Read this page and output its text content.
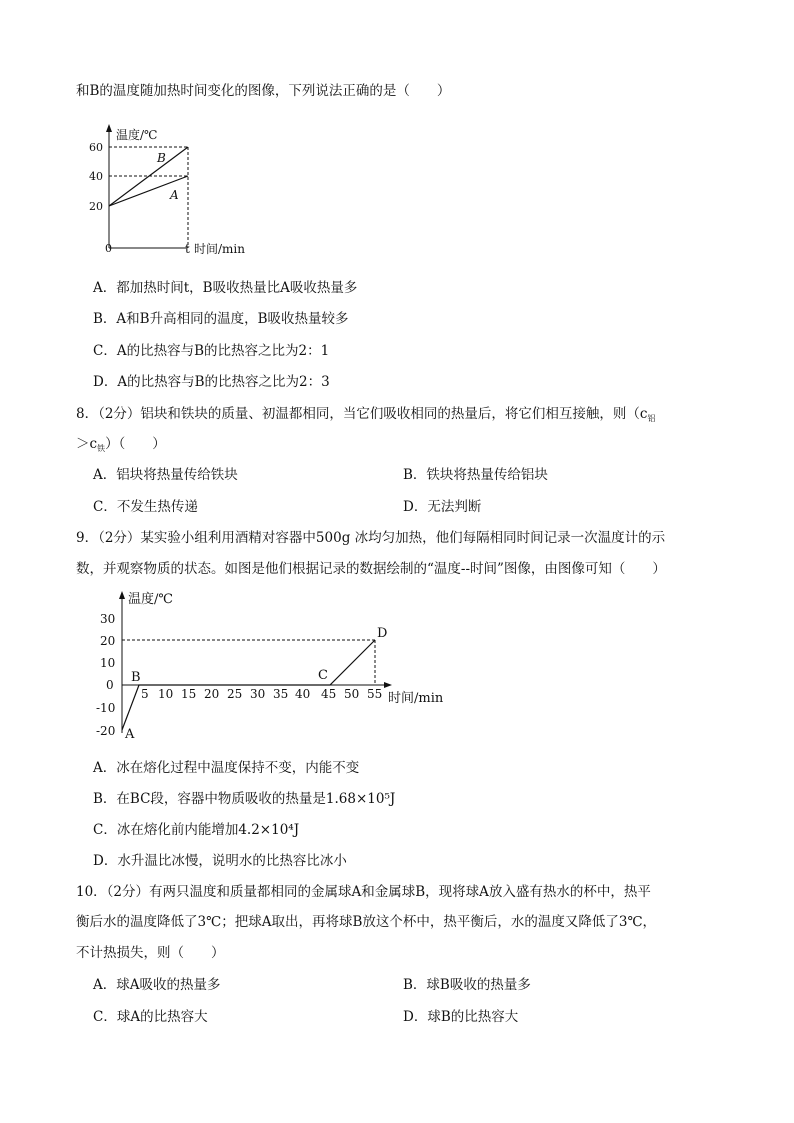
和B的温度随加热时间变化的图像，下列说法正确的是（　　）
温度/℃
60
40
20
0	t 时间/min
B
A
A．都加热时间t，B吸收热量比A吸收热量多
B．A和B升高相同的温度，B吸收热量较多
C．A的比热容与B的比热容之比为2：1
D．A的比热容与B的比热容之比为2：3
8．（2分）铝块和铁块的质量、初温都相同，当它们吸收相同的热量后，将它们相互接触，则（$c_铝$
$>c_铁$）（　　）
A．铝块将热量传给铁块	B．铁块将热量传给铝块
C．不发生热传递	D．无法判断
9．（2分）某实验小组利用酒精对容器中500g 冰均匀加热，他们每隔相同时间记录一次温度计的示
数，并观察物质的状态。如图是他们根据记录的数据绘制的“温度--时间”图像，由图像可知（　　）
温度/℃
30
20
10
0
-10
-20
5 10 15 20 25 30 35 40 45 50 55 时间/min
A
B	C
D
A．冰在熔化过程中温度保持不变，内能不变
B．在BC段，容器中物质吸收的热量是1.68×10⁵J
C．冰在熔化前内能增加4.2×10⁴J
D．水升温比冰慢，说明水的比热容比冰小
10．（2分）有两只温度和质量都相同的金属球A和金属球B，现将球A放入盛有热水的杯中，热平
衡后水的温度降低了3℃；把球A取出，再将球B放这个杯中，热平衡后，水的温度又降低了3℃，
不计热损失，则（　　）
A．球A吸收的热量多	B．球B吸收的热量多
C．球A的比热容大	D．球B的比热容大
